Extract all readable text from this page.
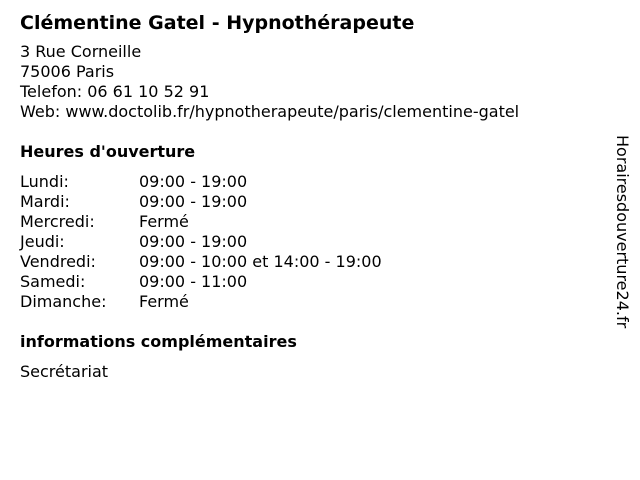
Clémentine Gatel - Hypnothérapeute
3 Rue Corneille
75006 Paris
Telefon: 06 61 10 52 91
Web: www.doctolib.fr/hypnotherapeute/paris/clementine-gatel
Heures d'ouverture
Lundi:	09:00 - 19:00
Mardi:	09:00 - 19:00
Mercredi:	Fermé
Jeudi:	09:00 - 19:00
Vendredi:	09:00 - 10:00 et 14:00 - 19:00
Samedi:	09:00 - 11:00
Dimanche:	Fermé
informations complémentaires
Secrétariat
Horairesdouverture24.fr
